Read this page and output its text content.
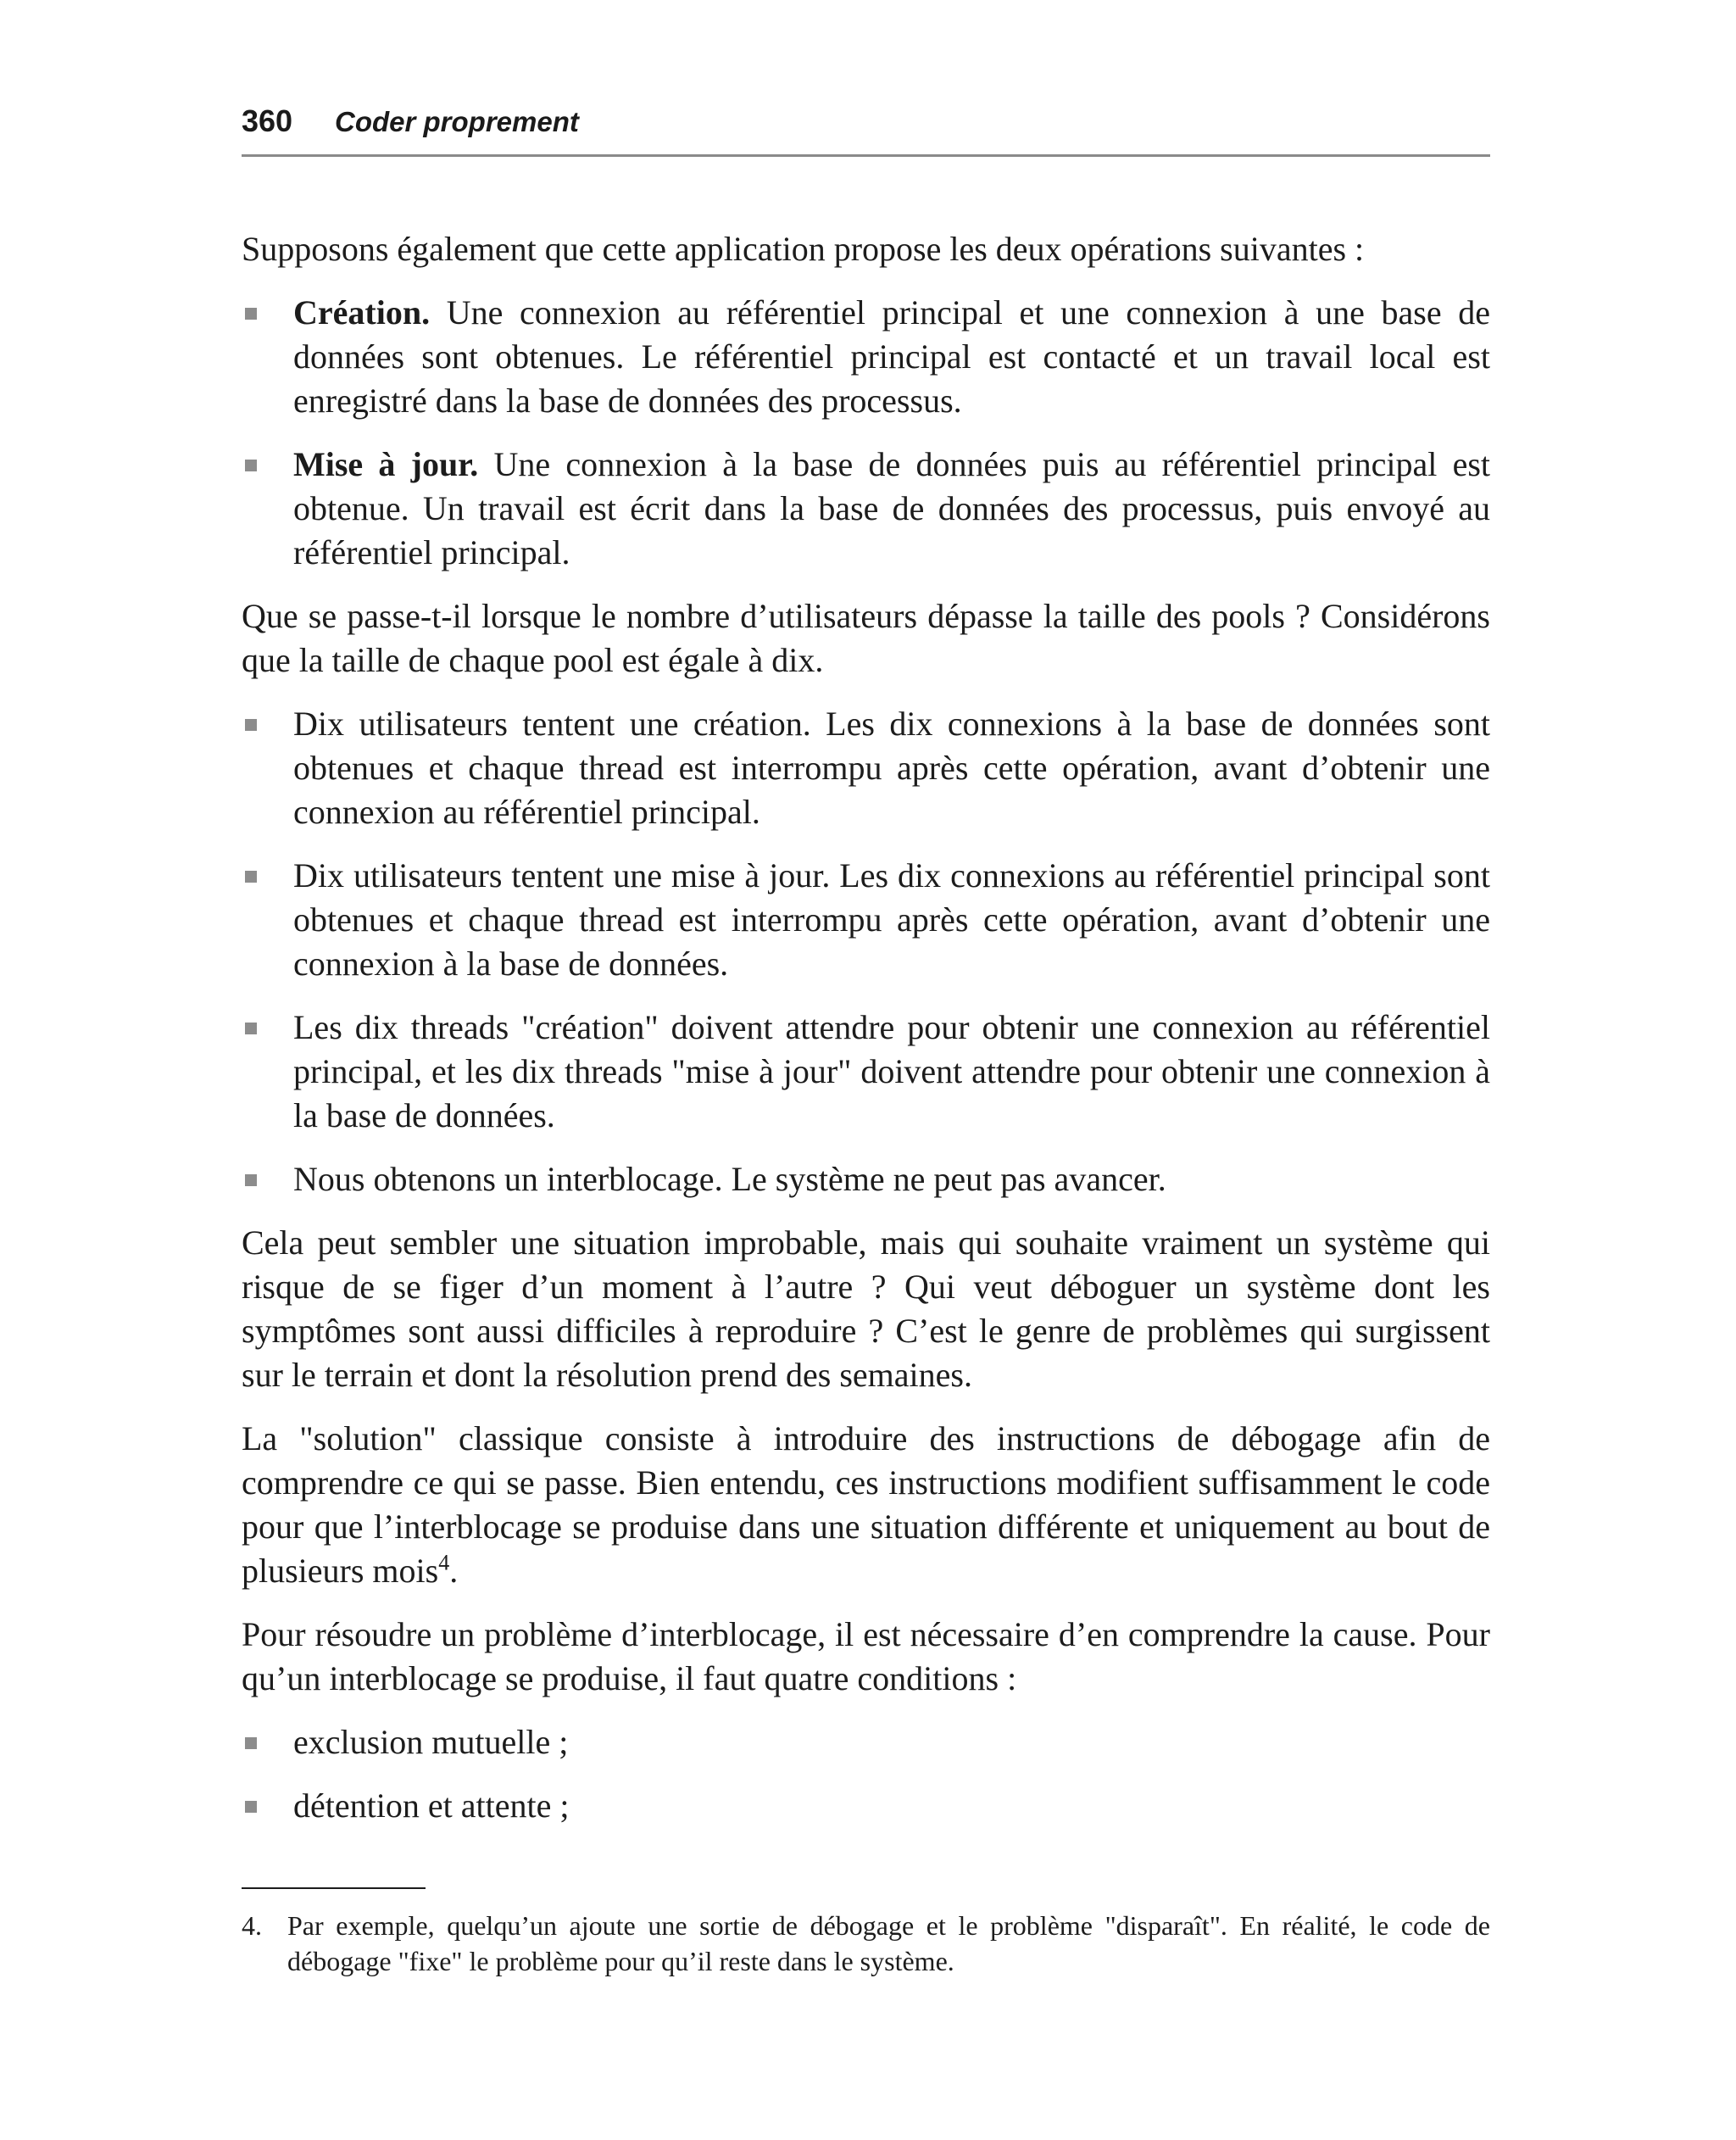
360 Coder proprement

Supposons également que cette application propose les deux opérations suivantes :

Création. Une connexion au référentiel principal et une connexion à une base de données sont obtenues. Le référentiel principal est contacté et un travail local est enregistré dans la base de données des processus.
Mise à jour. Une connexion à la base de données puis au référentiel principal est obtenue. Un travail est écrit dans la base de données des processus, puis envoyé au référentiel principal.

Que se passe-t-il lorsque le nombre d’utilisateurs dépasse la taille des pools ? Considérons que la taille de chaque pool est égale à dix.

Dix utilisateurs tentent une création. Les dix connexions à la base de données sont obtenues et chaque thread est interrompu après cette opération, avant d’obtenir une connexion au référentiel principal.
Dix utilisateurs tentent une mise à jour. Les dix connexions au référentiel principal sont obtenues et chaque thread est interrompu après cette opération, avant d’obtenir une connexion à la base de données.
Les dix threads "création" doivent attendre pour obtenir une connexion au référentiel principal, et les dix threads "mise à jour" doivent attendre pour obtenir une connexion à la base de données.
Nous obtenons un interblocage. Le système ne peut pas avancer.

Cela peut sembler une situation improbable, mais qui souhaite vraiment un système qui risque de se figer d’un moment à l’autre ? Qui veut déboguer un système dont les symptômes sont aussi difficiles à reproduire ? C’est le genre de problèmes qui surgissent sur le terrain et dont la résolution prend des semaines.

La "solution" classique consiste à introduire des instructions de débogage afin de comprendre ce qui se passe. Bien entendu, ces instructions modifient suffisamment le code pour que l’interblocage se produise dans une situation différente et uniquement au bout de plusieurs mois$^4$.

Pour résoudre un problème d’interblocage, il est nécessaire d’en comprendre la cause. Pour qu’un interblocage se produise, il faut quatre conditions :

exclusion mutuelle ;
détention et attente ;
4. Par exemple, quelqu’un ajoute une sortie de débogage et le problème "disparaît". En réalité, le code de débogage "fixe" le problème pour qu’il reste dans le système.
